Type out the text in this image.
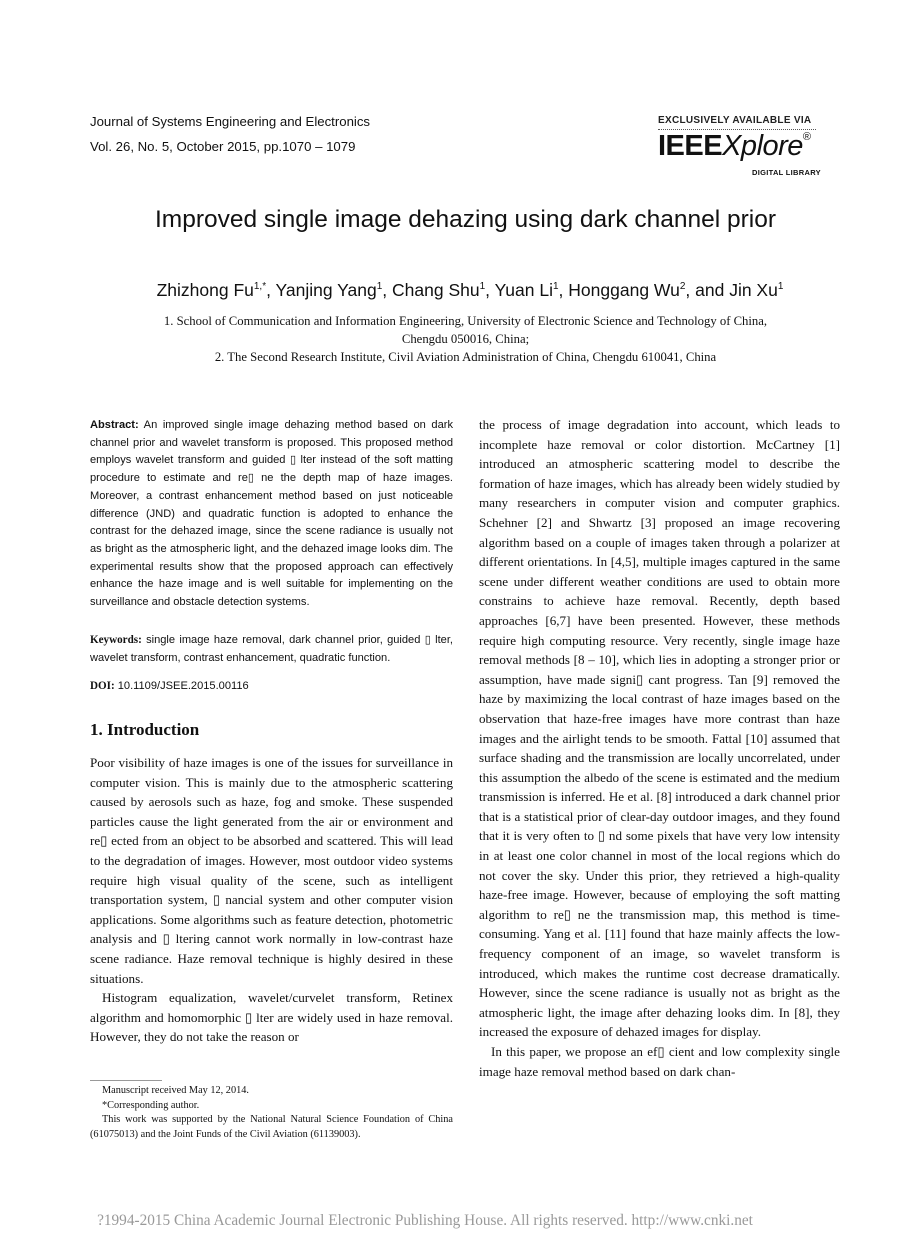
Journal of Systems Engineering and Electronics
Vol. 26, No. 5, October 2015, pp.1070 – 1079
EXCLUSIVELY AVAILABLE VIA
IEEEXplore®
DIGITAL LIBRARY
Improved single image dehazing using dark channel prior
Zhizhong $Fu^{1,*}$, Yanjing Yang$^1$, Chang Shu$^1$, Yuan Li$^1$, Honggang Wu$^2$, and Jin Xu$^1$
1. School of Communication and Information Engineering, University of Electronic Science and Technology of China,
Chengdu 050016, China;
2. The Second Research Institute, Civil Aviation Administration of China, Chengdu 610041, China
Abstract: An improved single image dehazing method based on dark channel prior and wavelet transform is proposed. This proposed method employs wavelet transform and guided ▯ lter instead of the soft matting procedure to estimate and re▯ ne the depth map of haze images. Moreover, a contrast enhancement method based on just noticeable difference (JND) and quadratic function is adopted to enhance the contrast for the dehazed image, since the scene radiance is usually not as bright as the atmospheric light, and the dehazed image looks dim. The experimental results show that the proposed approach can effectively enhance the haze image and is well suitable for implementing on the surveillance and obstacle detection systems.
Keywords: single image haze removal, dark channel prior, guided ▯ lter, wavelet transform, contrast enhancement, quadratic function.
DOI: 10.1109/JSEE.2015.00116
1. Introduction

Poor visibility of haze images is one of the issues for surveillance in computer vision. This is mainly due to the atmospheric scattering caused by aerosols such as haze, fog and smoke. These suspended particles cause the light generated from the air or environment and re▯ ected from an object to be absorbed and scattered. This will lead to the degradation of images. However, most outdoor video systems require high visual quality of the scene, such as intelligent transportation system, ▯ nancial system and other computer vision applications. Some algorithms such as feature detection, photometric analysis and ▯ ltering cannot work normally in low-contrast haze scene radiance. Haze removal technique is highly desired in these situations.

Histogram equalization, wavelet/curvelet transform, Retinex algorithm and homomorphic ▯ lter are widely used in haze removal. However, they do not take the reason or

Manuscript received May 12, 2014.

*Corresponding author.

This work was supported by the National Natural Science Foundation of China (61075013) and the Joint Funds of the Civil Aviation (61139003).

the process of image degradation into account, which leads to incomplete haze removal or color distortion. McCartney [1] introduced an atmospheric scattering model to describe the formation of haze images, which has already been widely studied by many researchers in computer vision and computer graphics. Schehner [2] and Shwartz [3] proposed an image recovering algorithm based on a couple of images taken through a polarizer at different orientations. In [4,5], multiple images captured in the same scene under different weather conditions are used to obtain more constrains to achieve haze removal. Recently, depth based approaches [6,7] have been presented. However, these methods require high computing resource. Very recently, single image haze removal methods [8 – 10], which lies in adopting a stronger prior or assumption, have made signi▯ cant progress. Tan [9] removed the haze by maximizing the local contrast of haze images based on the observation that haze-free images have more contrast than haze images and the airlight tends to be smooth. Fattal [10] assumed that surface shading and the transmission are locally uncorrelated, under this assumption the albedo of the scene is estimated and the medium transmission is inferred. He et al. [8] introduced a dark channel prior that is a statistical prior of clear-day outdoor images, and they found that it is very often to ▯ nd some pixels that have very low intensity in at least one color channel in most of the local regions which do not cover the sky. Under this prior, they retrieved a high-quality haze-free image. However, because of employing the soft matting algorithm to re▯ ne the transmission map, this method is time-consuming. Yang et al. [11] found that haze mainly affects the low-frequency component of an image, so wavelet transform is introduced, which makes the runtime cost decrease dramatically. However, since the scene radiance is usually not as bright as the atmospheric light, the image after dehazing looks dim. In [8], they increased the exposure of dehazed images for display.

In this paper, we propose an ef▯ cient and low complexity single image haze removal method based on dark chan-

?1994-2015 China Academic Journal Electronic Publishing House. All rights reserved. http://www.cnki.net
